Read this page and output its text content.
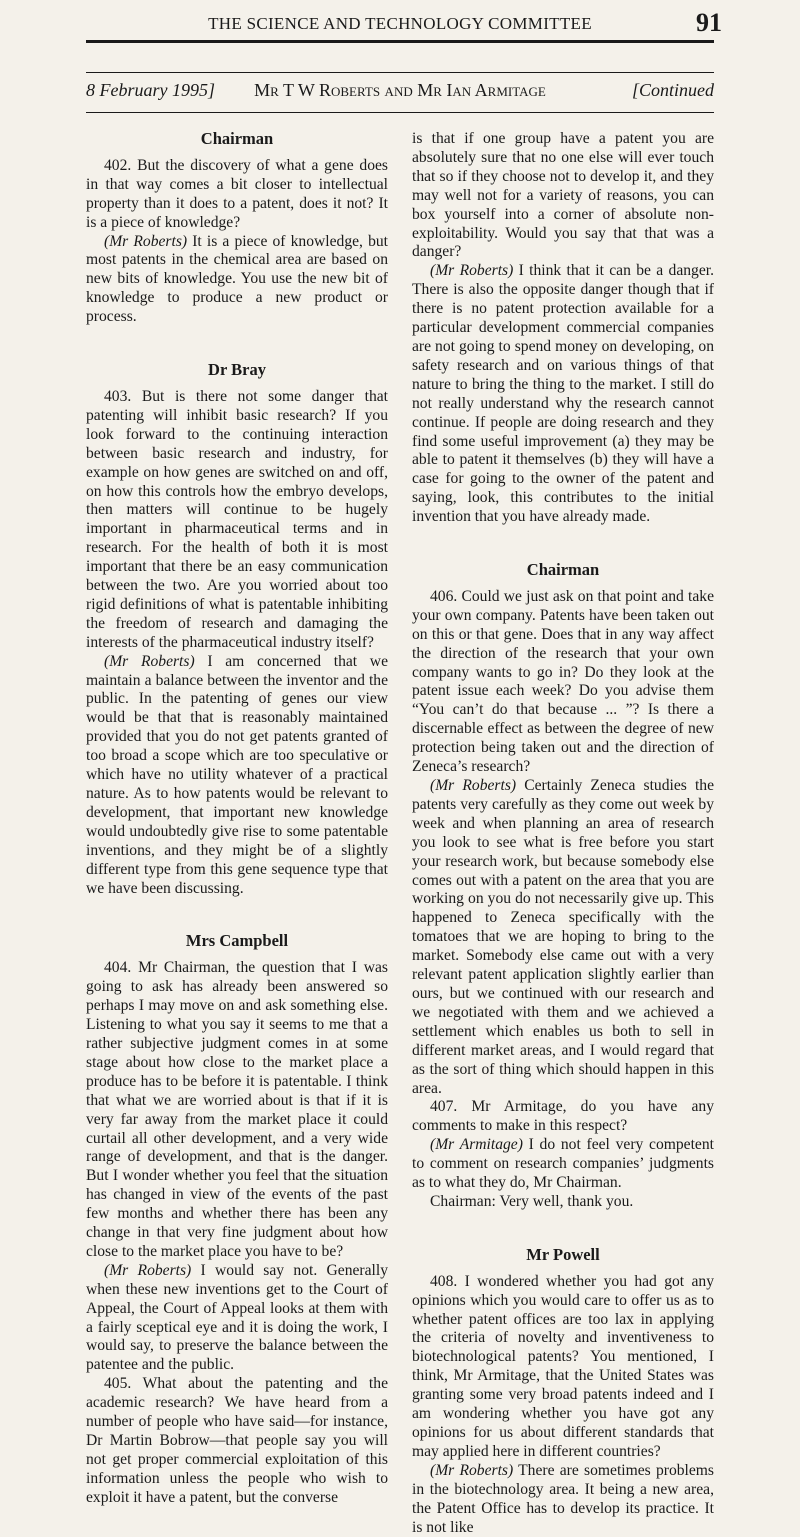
THE SCIENCE AND TECHNOLOGY COMMITTEE	91
8 February 1995]	Mr T W Roberts and Mr Ian Armitage	[Continued
Chairman

402. But the discovery of what a gene does in that way comes a bit closer to intellectual property than it does to a patent, does it not? It is a piece of knowledge?

(Mr Roberts) It is a piece of knowledge, but most patents in the chemical area are based on new bits of knowledge. You use the new bit of knowledge to produce a new product or process.

Dr Bray

403. But is there not some danger that patenting will inhibit basic research? If you look forward to the continuing interaction between basic research and industry, for example on how genes are switched on and off, on how this controls how the embryo develops, then matters will continue to be hugely important in pharmaceutical terms and in research. For the health of both it is most important that there be an easy communication between the two. Are you worried about too rigid definitions of what is patentable inhibiting the freedom of research and damaging the interests of the pharmaceutical industry itself?

(Mr Roberts) I am concerned that we maintain a balance between the inventor and the public. In the patenting of genes our view would be that that is reasonably maintained provided that you do not get patents granted of too broad a scope which are too speculative or which have no utility whatever of a practical nature. As to how patents would be relevant to development, that important new knowledge would undoubtedly give rise to some patentable inventions, and they might be of a slightly different type from this gene sequence type that we have been discussing.

Mrs Campbell

404. Mr Chairman, the question that I was going to ask has already been answered so perhaps I may move on and ask something else. Listening to what you say it seems to me that a rather subjective judgment comes in at some stage about how close to the market place a produce has to be before it is patentable. I think that what we are worried about is that if it is very far away from the market place it could curtail all other development, and a very wide range of development, and that is the danger. But I wonder whether you feel that the situation has changed in view of the events of the past few months and whether there has been any change in that very fine judgment about how close to the market place you have to be?

(Mr Roberts) I would say not. Generally when these new inventions get to the Court of Appeal, the Court of Appeal looks at them with a fairly sceptical eye and it is doing the work, I would say, to preserve the balance between the patentee and the public.

405. What about the patenting and the academic research? We have heard from a number of people who have said—for instance, Dr Martin Bobrow—that people say you will not get proper commercial exploitation of this information unless the people who wish to exploit it have a patent, but the converse

is that if one group have a patent you are absolutely sure that no one else will ever touch that so if they choose not to develop it, and they may well not for a variety of reasons, you can box yourself into a corner of absolute non-exploitability. Would you say that that was a danger?

(Mr Roberts) I think that it can be a danger. There is also the opposite danger though that if there is no patent protection available for a particular development commercial companies are not going to spend money on developing, on safety research and on various things of that nature to bring the thing to the market. I still do not really understand why the research cannot continue. If people are doing research and they find some useful improvement (a) they may be able to patent it themselves (b) they will have a case for going to the owner of the patent and saying, look, this contributes to the initial invention that you have already made.

Chairman

406. Could we just ask on that point and take your own company. Patents have been taken out on this or that gene. Does that in any way affect the direction of the research that your own company wants to go in? Do they look at the patent issue each week? Do you advise them “You can’t do that because ... ”? Is there a discernable effect as between the degree of new protection being taken out and the direction of Zeneca’s research?

(Mr Roberts) Certainly Zeneca studies the patents very carefully as they come out week by week and when planning an area of research you look to see what is free before you start your research work, but because somebody else comes out with a patent on the area that you are working on you do not necessarily give up. This happened to Zeneca specifically with the tomatoes that we are hoping to bring to the market. Somebody else came out with a very relevant patent application slightly earlier than ours, but we continued with our research and we negotiated with them and we achieved a settlement which enables us both to sell in different market areas, and I would regard that as the sort of thing which should happen in this area.

407. Mr Armitage, do you have any comments to make in this respect?

(Mr Armitage) I do not feel very competent to comment on research companies’ judgments as to what they do, Mr Chairman.

Chairman: Very well, thank you.

Mr Powell

408. I wondered whether you had got any opinions which you would care to offer us as to whether patent offices are too lax in applying the criteria of novelty and inventiveness to biotechnological patents? You mentioned, I think, Mr Armitage, that the United States was granting some very broad patents indeed and I am wondering whether you have got any opinions for us about different standards that may applied here in different countries?

(Mr Roberts) There are sometimes problems in the biotechnology area. It being a new area, the Patent Office has to develop its practice. It is not like
